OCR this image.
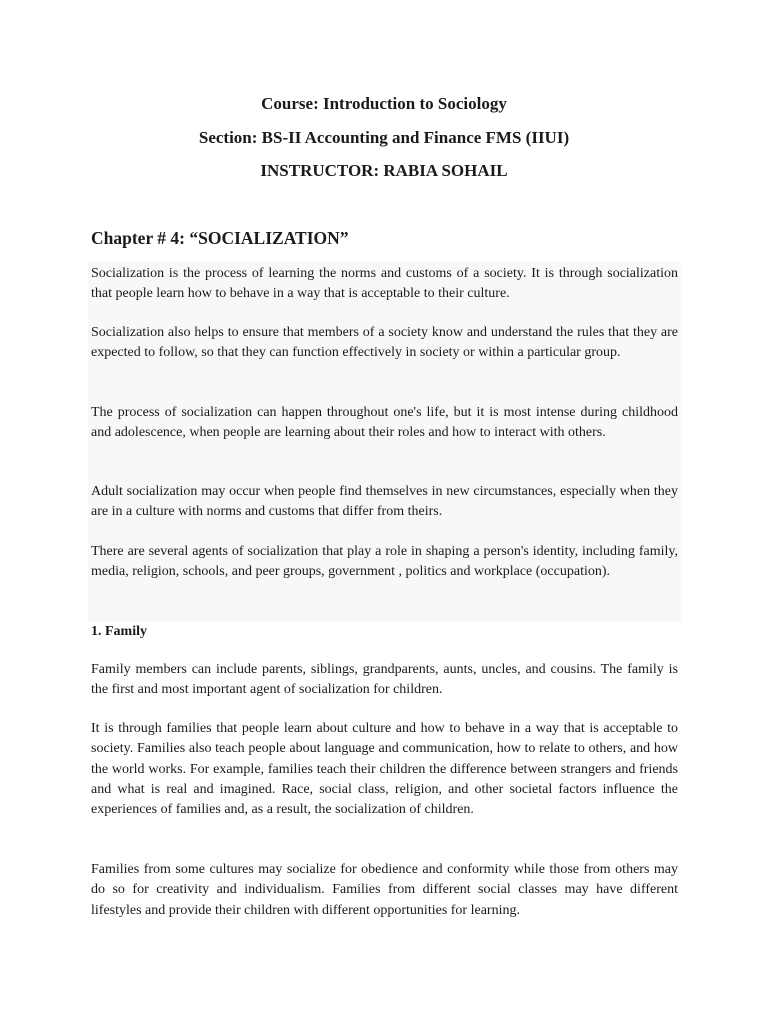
Course: Introduction to Sociology
Section: BS-II Accounting and Finance FMS (IIUI)
INSTRUCTOR: RABIA SOHAIL
Chapter # 4: “SOCIALIZATION”

Socialization is the process of learning the norms and customs of a society. It is through socialization that people learn how to behave in a way that is acceptable to their culture.

Socialization also helps to ensure that members of a society know and understand the rules that they are expected to follow, so that they can function effectively in society or within a particular group.

The process of socialization can happen throughout one's life, but it is most intense during childhood and adolescence, when people are learning about their roles and how to interact with others.

Adult socialization may occur when people find themselves in new circumstances, especially when they are in a culture with norms and customs that differ from theirs.

There are several agents of socialization that play a role in shaping a person's identity, including family, media, religion, schools, and peer groups, government , politics and workplace (occupation).

1. Family

Family members can include parents, siblings, grandparents, aunts, uncles, and cousins. The family is the first and most important agent of socialization for children.

It is through families that people learn about culture and how to behave in a way that is acceptable to society. Families also teach people about language and communication, how to relate to others, and how the world works. For example, families teach their children the difference between strangers and friends and what is real and imagined. Race, social class, religion, and other societal factors influence the experiences of families and, as a result, the socialization of children.

Families from some cultures may socialize for obedience and conformity while those from others may do so for creativity and individualism. Families from different social classes may have different lifestyles and provide their children with different opportunities for learning.
